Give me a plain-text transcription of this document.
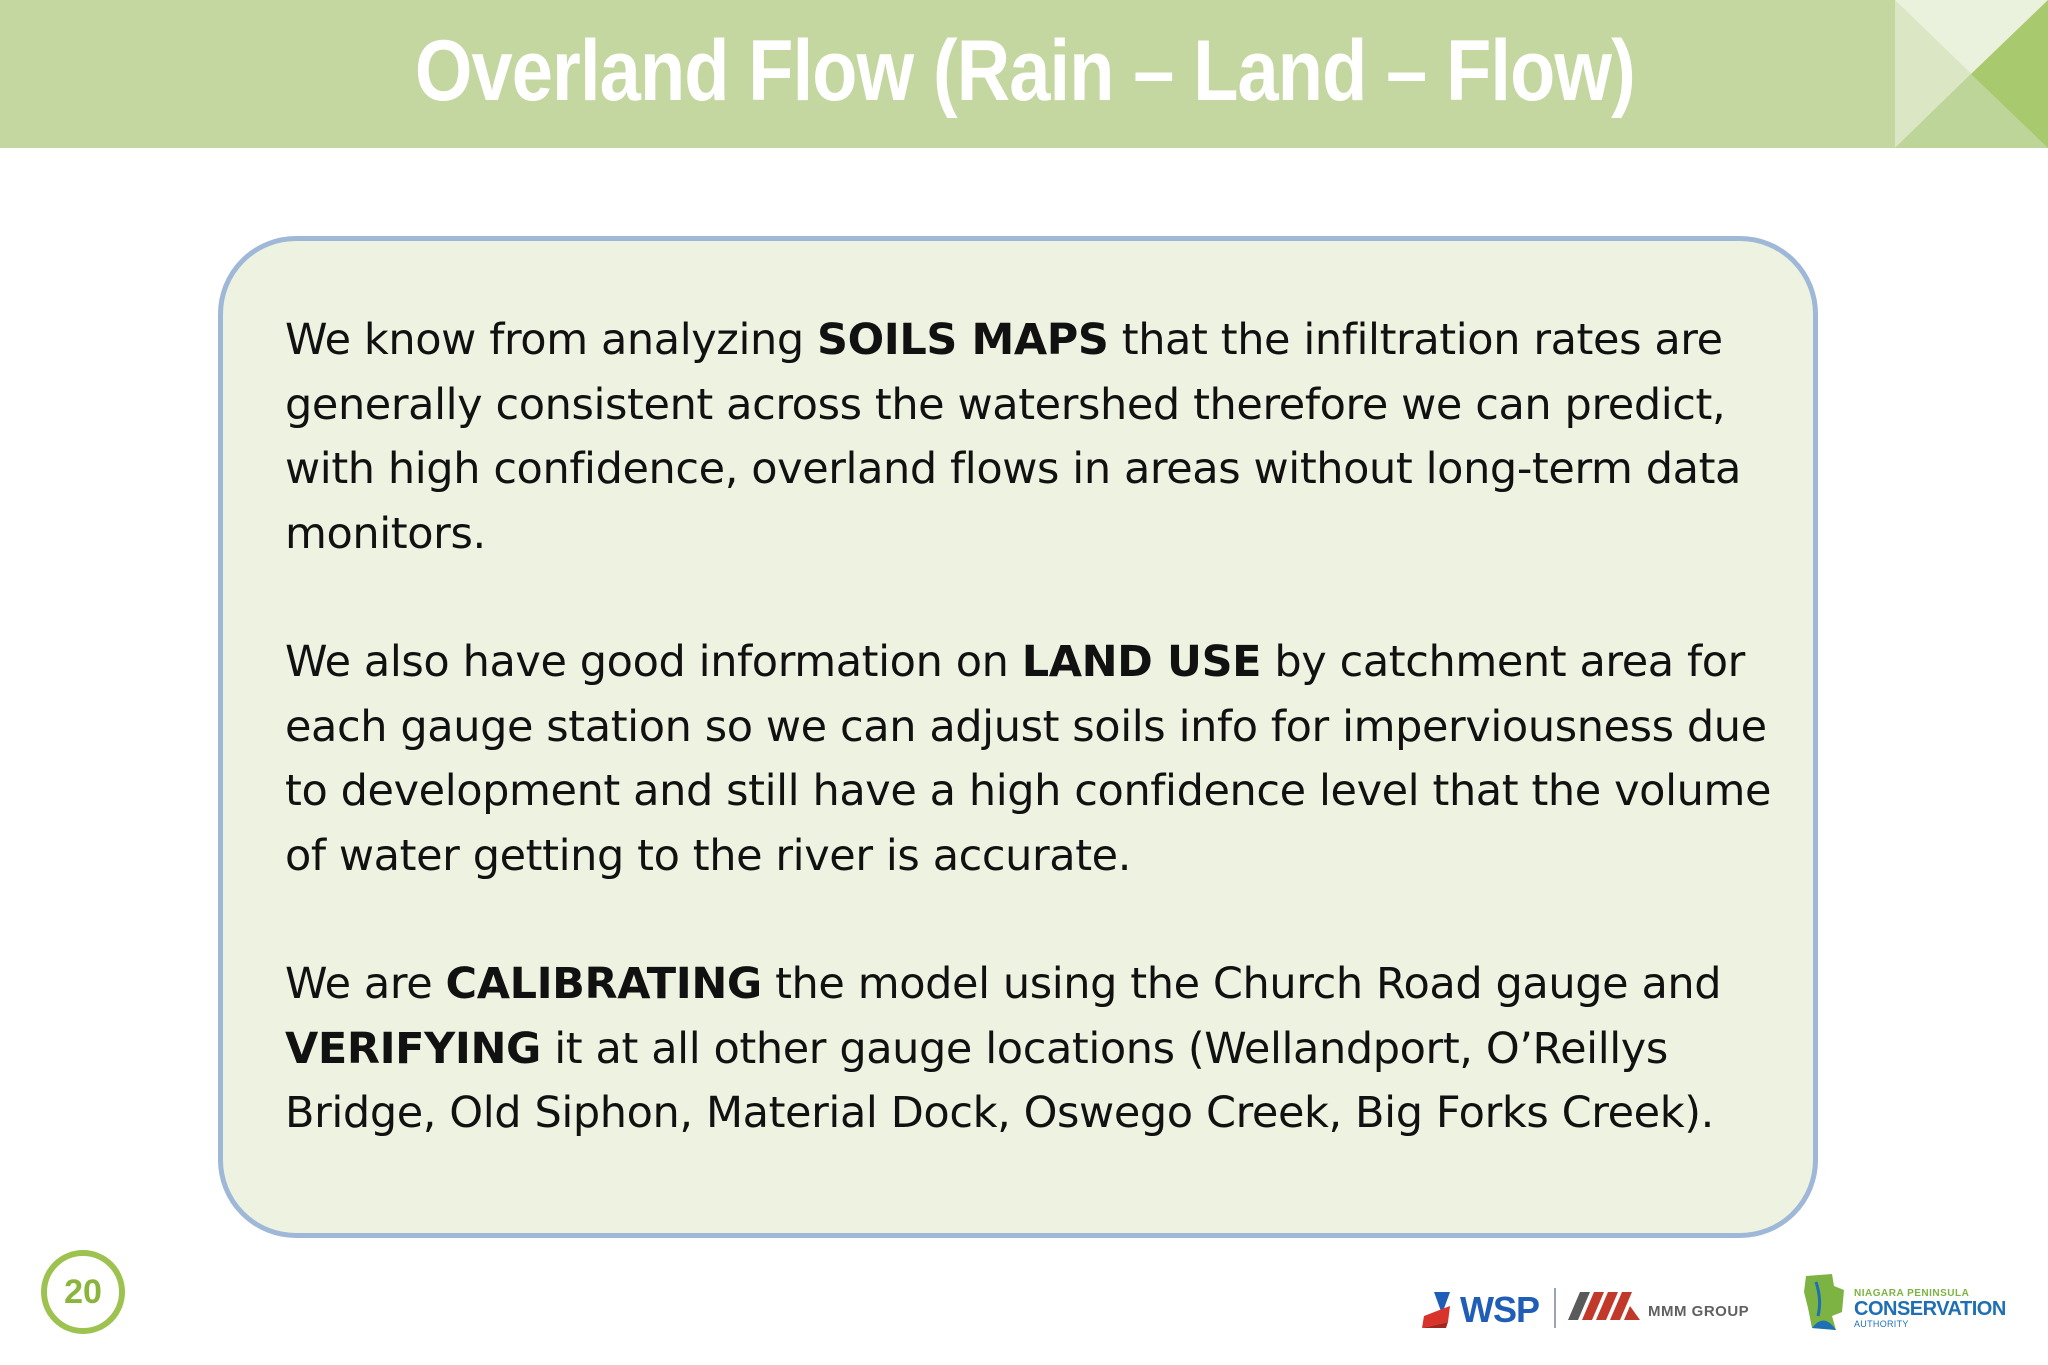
Overland Flow (Rain – Land – Flow)

We know from analyzing SOILS MAPS that the infiltration rates are generally consistent across the watershed therefore we can predict, with high confidence, overland flows in areas without long-term data monitors.

We also have good information on LAND USE by catchment area for each gauge station so we can adjust soils info for imperviousness due to development and still have a high confidence level that the volume of water getting to the river is accurate.

We are CALIBRATING the model using the Church Road gauge and VERIFYING it at all other gauge locations (Wellandport, O’Reillys Bridge, Old Siphon, Material Dock, Oswego Creek, Big Forks Creek).

20	WSP	MMM GROUP
NIAGARA PENINSULA
CONSERVATION
AUTHORITY
